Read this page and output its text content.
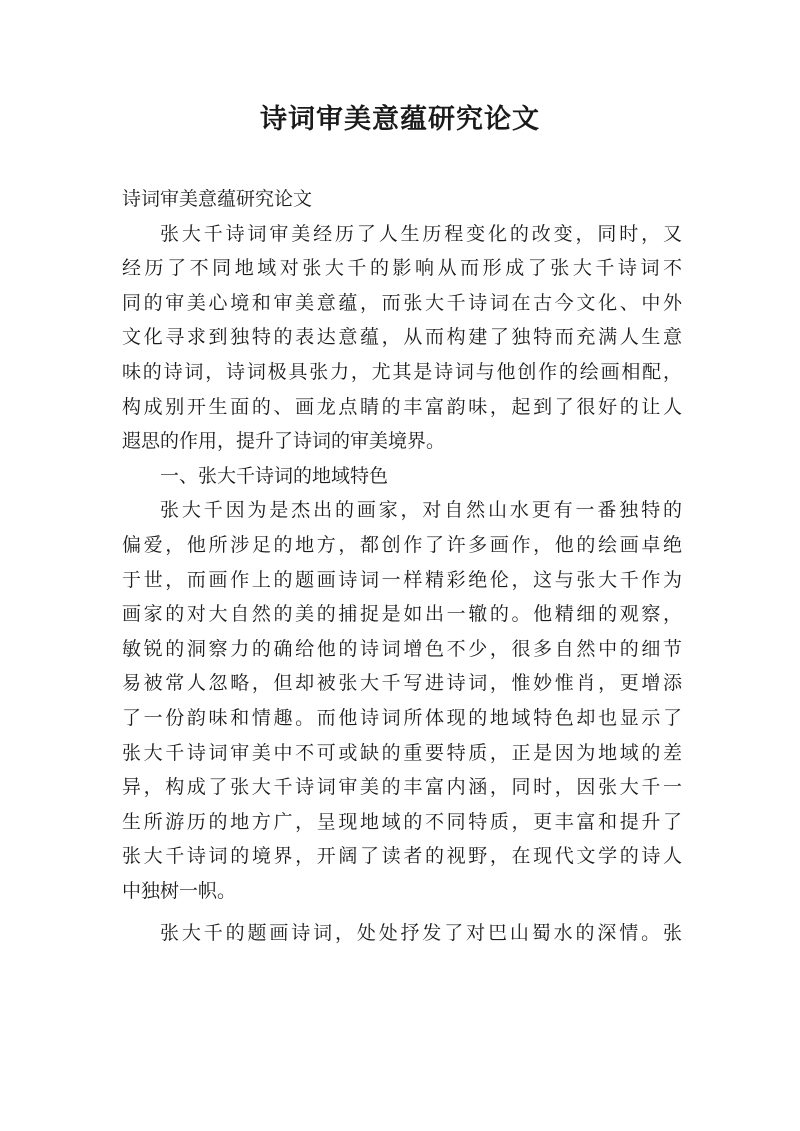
诗词审美意蕴研究论文
诗词审美意蕴研究论文
张大千诗词审美经历了人生历程变化的改变，同时，又
经历了不同地域对张大千的影响从而形成了张大千诗词不
同的审美心境和审美意蕴，而张大千诗词在古今文化、中外
文化寻求到独特的表达意蕴，从而构建了独特而充满人生意
味的诗词，诗词极具张力，尤其是诗词与他创作的绘画相配，
构成别开生面的、画龙点睛的丰富韵味，起到了很好的让人
遐思的作用，提升了诗词的审美境界。
一、张大千诗词的地域特色
张大千因为是杰出的画家，对自然山水更有一番独特的
偏爱，他所涉足的地方，都创作了许多画作，他的绘画卓绝
于世，而画作上的题画诗词一样精彩绝伦，这与张大千作为
画家的对大自然的美的捕捉是如出一辙的。他精细的观察，
敏锐的洞察力的确给他的诗词增色不少，很多自然中的细节
易被常人忽略，但却被张大千写进诗词，惟妙惟肖，更增添
了一份韵味和情趣。而他诗词所体现的地域特色却也显示了
张大千诗词审美中不可或缺的重要特质，正是因为地域的差
异，构成了张大千诗词审美的丰富内涵，同时，因张大千一
生所游历的地方广，呈现地域的不同特质，更丰富和提升了
张大千诗词的境界，开阔了读者的视野，在现代文学的诗人
中独树一帜。
张大千的题画诗词，处处抒发了对巴山蜀水的深情。张
